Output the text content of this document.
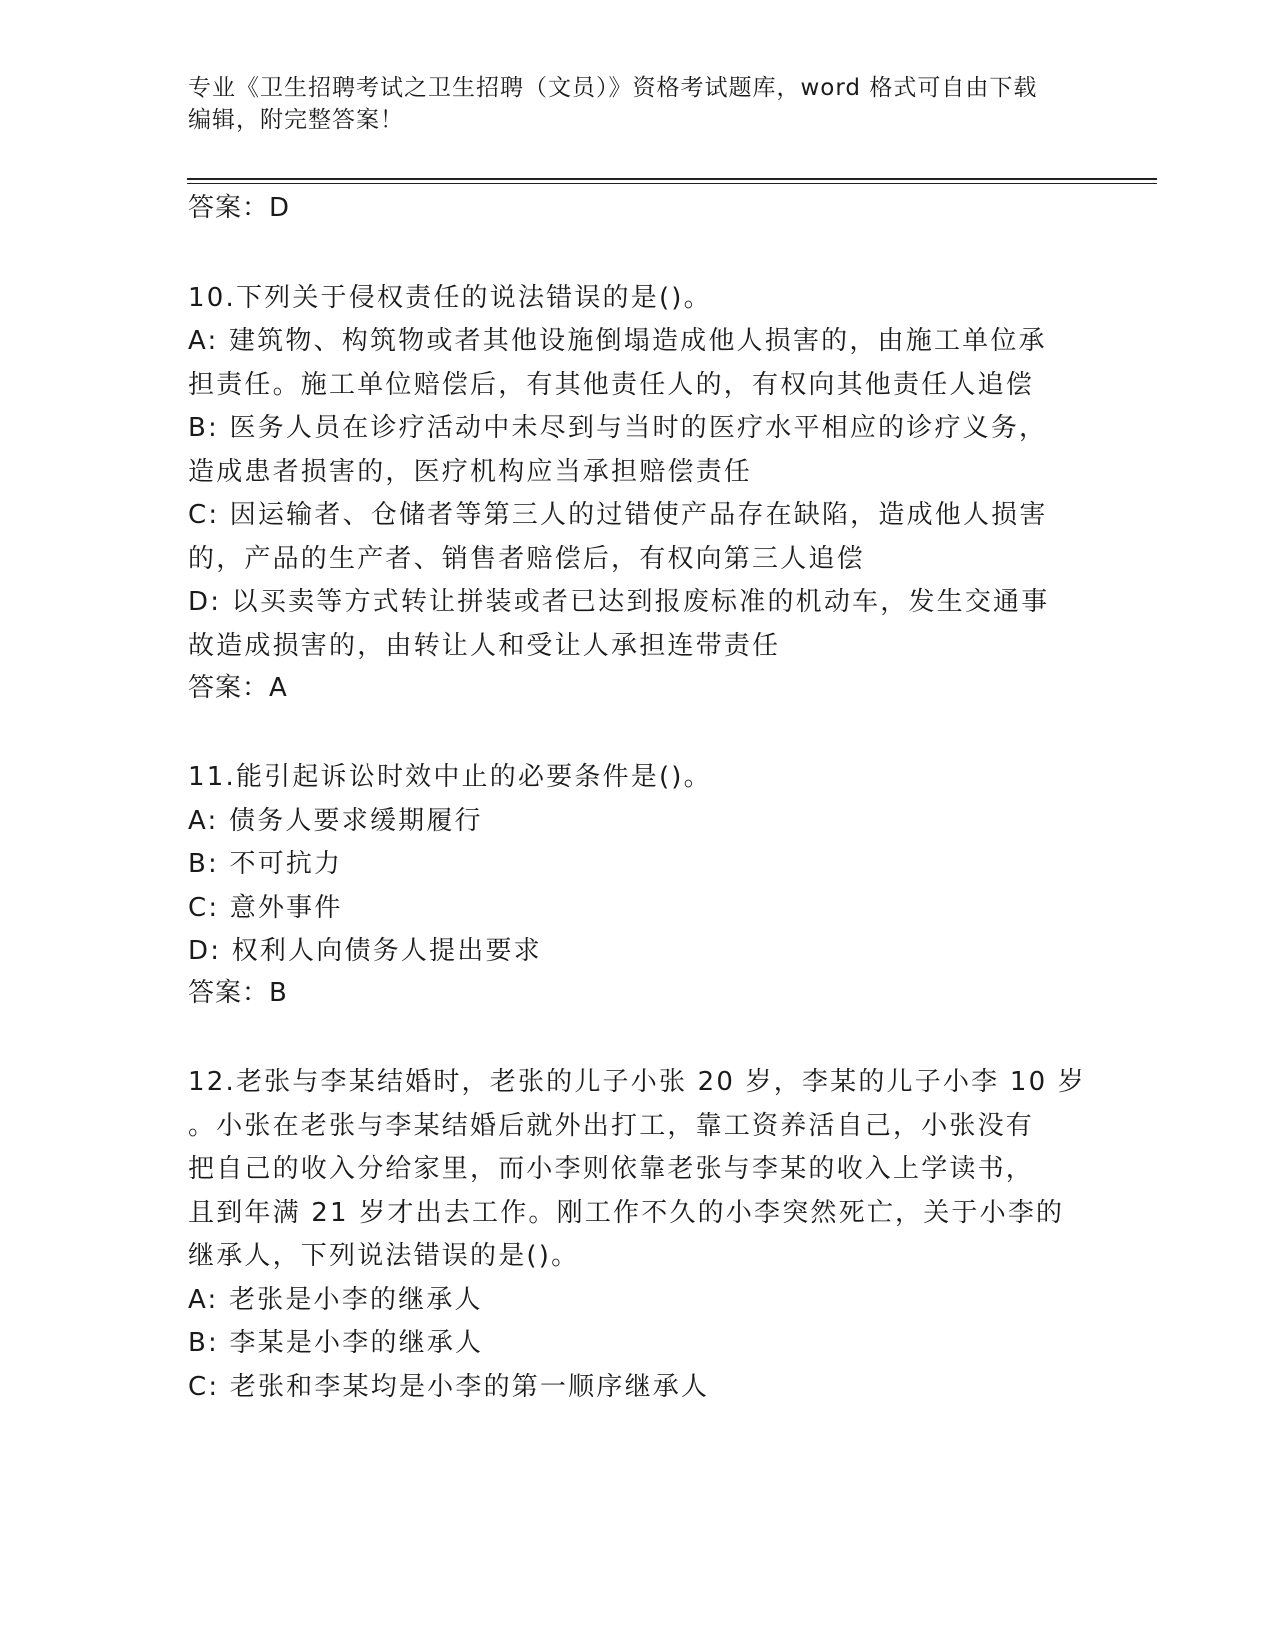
专业《卫生招聘考试之卫生招聘（文员）》资格考试题库，word 格式可自由下载
编辑，附完整答案！
答案：D
10.下列关于侵权责任的说法错误的是()。
A: 建筑物、构筑物或者其他设施倒塌造成他人损害的，由施工单位承
担责任。施工单位赔偿后，有其他责任人的，有权向其他责任人追偿
B: 医务人员在诊疗活动中未尽到与当时的医疗水平相应的诊疗义务，
造成患者损害的，医疗机构应当承担赔偿责任
C: 因运输者、仓储者等第三人的过错使产品存在缺陷，造成他人损害
的，产品的生产者、销售者赔偿后，有权向第三人追偿
D: 以买卖等方式转让拼装或者已达到报废标准的机动车，发生交通事
故造成损害的，由转让人和受让人承担连带责任
答案：A
11.能引起诉讼时效中止的必要条件是()。
A: 债务人要求缓期履行
B: 不可抗力
C: 意外事件
D: 权利人向债务人提出要求
答案：B
12.老张与李某结婚时，老张的儿子小张 20 岁，李某的儿子小李 10 岁
。小张在老张与李某结婚后就外出打工，靠工资养活自己，小张没有
把自己的收入分给家里，而小李则依靠老张与李某的收入上学读书，
且到年满 21 岁才出去工作。刚工作不久的小李突然死亡，关于小李的
继承人，下列说法错误的是()。
A: 老张是小李的继承人
B: 李某是小李的继承人
C: 老张和李某均是小李的第一顺序继承人
